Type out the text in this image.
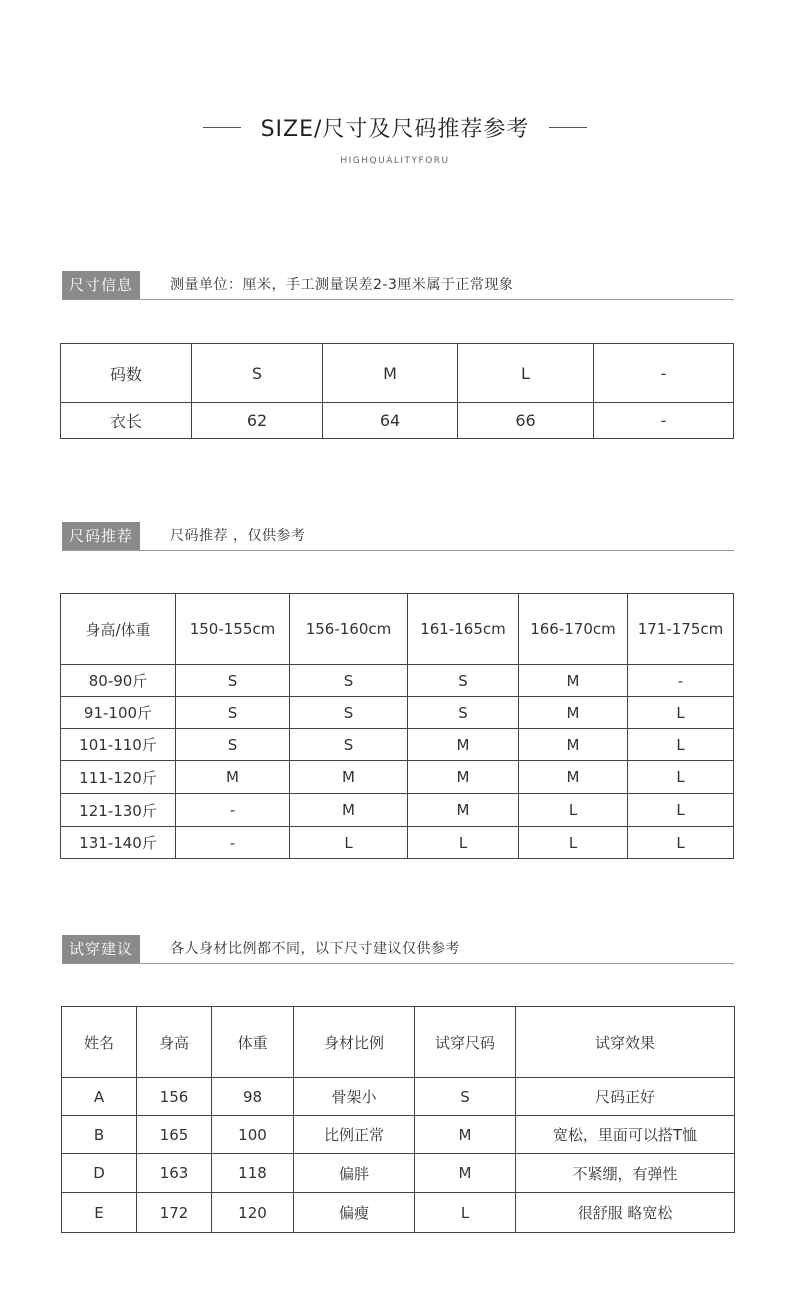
SIZE/尺寸及尺码推荐参考
HIGHQUALITYFORU
尺寸信息	测量单位：厘米，手工测量误差2-3厘米属于正常现象
码数	S	M	L	-
衣长	62	64	66	-
尺码推荐	尺码推荐 ，仅供参考
身高/体重	150-155cm	156-160cm	161-165cm	166-170cm	171-175cm
80-90斤	S	S	S	M	-
91-100斤	S	S	S	M	L
101-110斤	S	S	M	M	L
111-120斤	M	M	M	M	L
121-130斤	-	M	M	L	L
131-140斤	-	L	L	L	L
试穿建议	各人身材比例都不同，以下尺寸建议仅供参考
姓名	身高	体重	身材比例	试穿尺码	试穿效果
A	156	98	骨架小	S	尺码正好
B	165	100	比例正常	M	宽松，里面可以搭T恤
D	163	118	偏胖	M	不紧绷，有弹性
E	172	120	偏瘦	L	很舒服 略宽松
